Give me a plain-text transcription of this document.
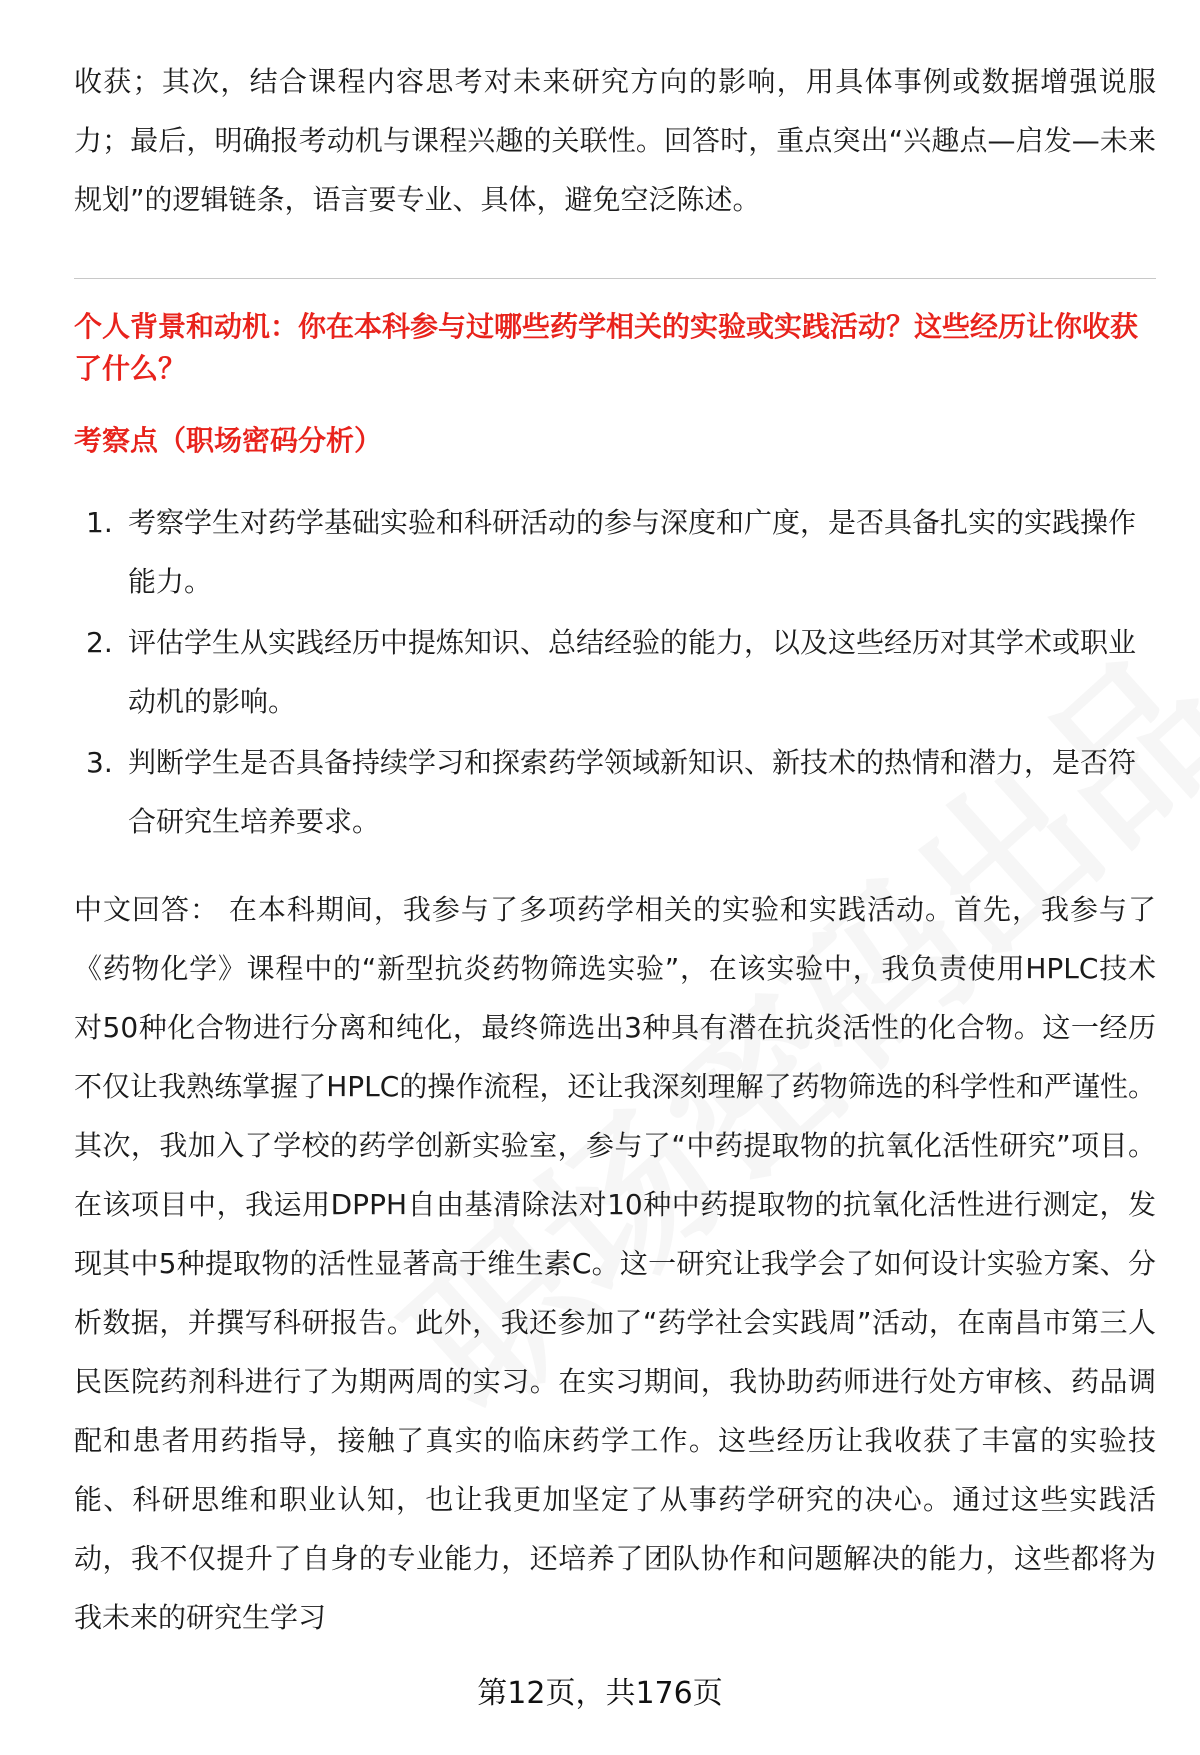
收获；其次，结合课程内容思考对未来研究方向的影响，用具体事例或数据增强说服力；最后，明确报考动机与课程兴趣的关联性。回答时，重点突出“兴趣点—启发—未来规划”的逻辑链条，语言要专业、具体，避免空泛陈述。

个人背景和动机：你在本科参与过哪些药学相关的实验或实践活动？这些经历让你收获了什么？

考察点（职场密码分析）

1. 考察学生对药学基础实验和科研活动的参与深度和广度，是否具备扎实的实践操作能力。
2. 评估学生从实践经历中提炼知识、总结经验的能力，以及这些经历对其学术或职业动机的影响。
3. 判断学生是否具备持续学习和探索药学领域新知识、新技术的热情和潜力，是否符合研究生培养要求。

中文回答： 在本科期间，我参与了多项药学相关的实验和实践活动。首先，我参与了《药物化学》课程中的“新型抗炎药物筛选实验”，在该实验中，我负责使用HPLC技术对50种化合物进行分离和纯化，最终筛选出3种具有潜在抗炎活性的化合物。这一经历不仅让我熟练掌握了HPLC的操作流程，还让我深刻理解了药物筛选的科学性和严谨性。其次，我加入了学校的药学创新实验室，参与了“中药提取物的抗氧化活性研究”项目。在该项目中，我运用DPPH自由基清除法对10种中药提取物的抗氧化活性进行测定，发现其中5种提取物的活性显著高于维生素C。这一研究让我学会了如何设计实验方案、分析数据，并撰写科研报告。此外，我还参加了“药学社会实践周”活动，在南昌市第三人民医院药剂科进行了为期两周的实习。在实习期间，我协助药师进行处方审核、药品调配和患者用药指导，接触了真实的临床药学工作。这些经历让我收获了丰富的实验技能、科研思维和职业认知，也让我更加坚定了从事药学研究的决心。通过这些实践活动，我不仅提升了自身的专业能力，还培养了团队协作和问题解决的能力，这些都将为我未来的研究生学习

第12页，共176页
